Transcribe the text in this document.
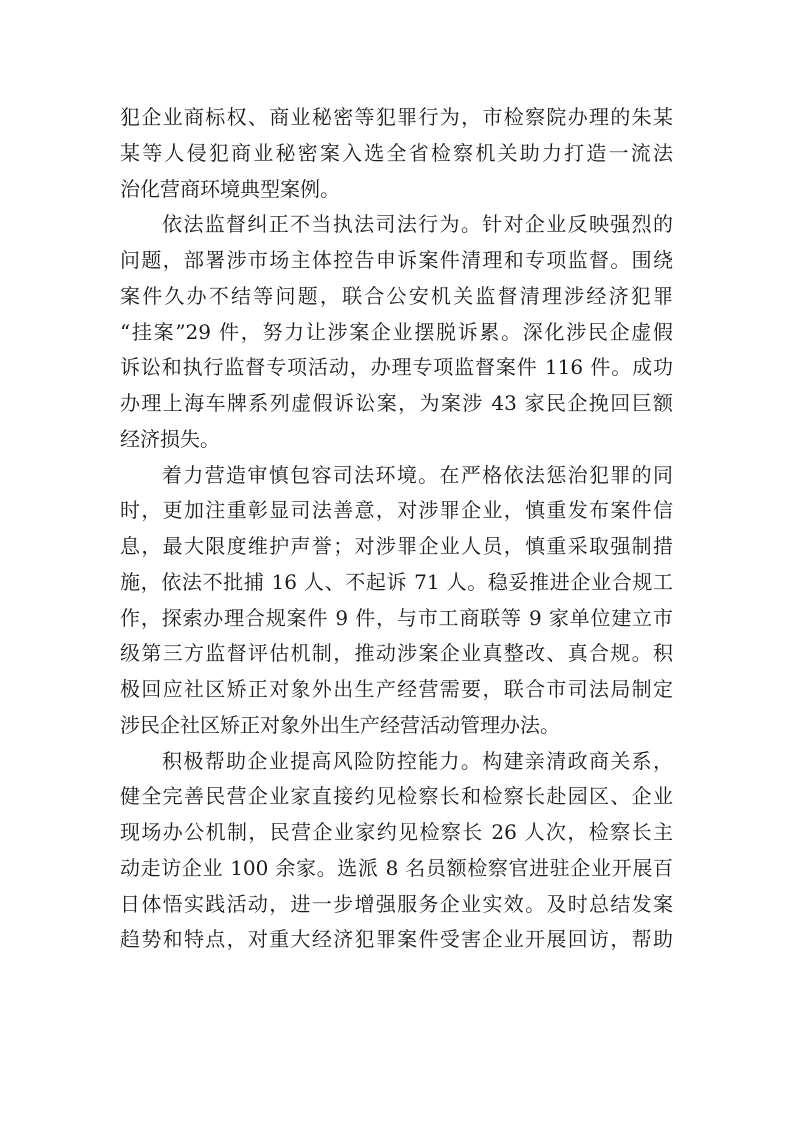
犯企业商标权、商业秘密等犯罪行为，市检察院办理的朱某
某等人侵犯商业秘密案入选全省检察机关助力打造一流法
治化营商环境典型案例。
依法监督纠正不当执法司法行为。针对企业反映强烈的
问题，部署涉市场主体控告申诉案件清理和专项监督。围绕
案件久办不结等问题，联合公安机关监督清理涉经济犯罪
“挂案”29 件，努力让涉案企业摆脱诉累。深化涉民企虚假
诉讼和执行监督专项活动，办理专项监督案件 116 件。成功
办理上海车牌系列虚假诉讼案，为案涉 43 家民企挽回巨额
经济损失。
着力营造审慎包容司法环境。在严格依法惩治犯罪的同
时，更加注重彰显司法善意，对涉罪企业，慎重发布案件信
息，最大限度维护声誉；对涉罪企业人员，慎重采取强制措
施，依法不批捕 16 人、不起诉 71 人。稳妥推进企业合规工
作，探索办理合规案件 9 件，与市工商联等 9 家单位建立市
级第三方监督评估机制，推动涉案企业真整改、真合规。积
极回应社区矫正对象外出生产经营需要，联合市司法局制定
涉民企社区矫正对象外出生产经营活动管理办法。
积极帮助企业提高风险防控能力。构建亲清政商关系，
健全完善民营企业家直接约见检察长和检察长赴园区、企业
现场办公机制，民营企业家约见检察长 26 人次，检察长主
动走访企业 100 余家。选派 8 名员额检察官进驻企业开展百
日体悟实践活动，进一步增强服务企业实效。及时总结发案
趋势和特点，对重大经济犯罪案件受害企业开展回访，帮助
